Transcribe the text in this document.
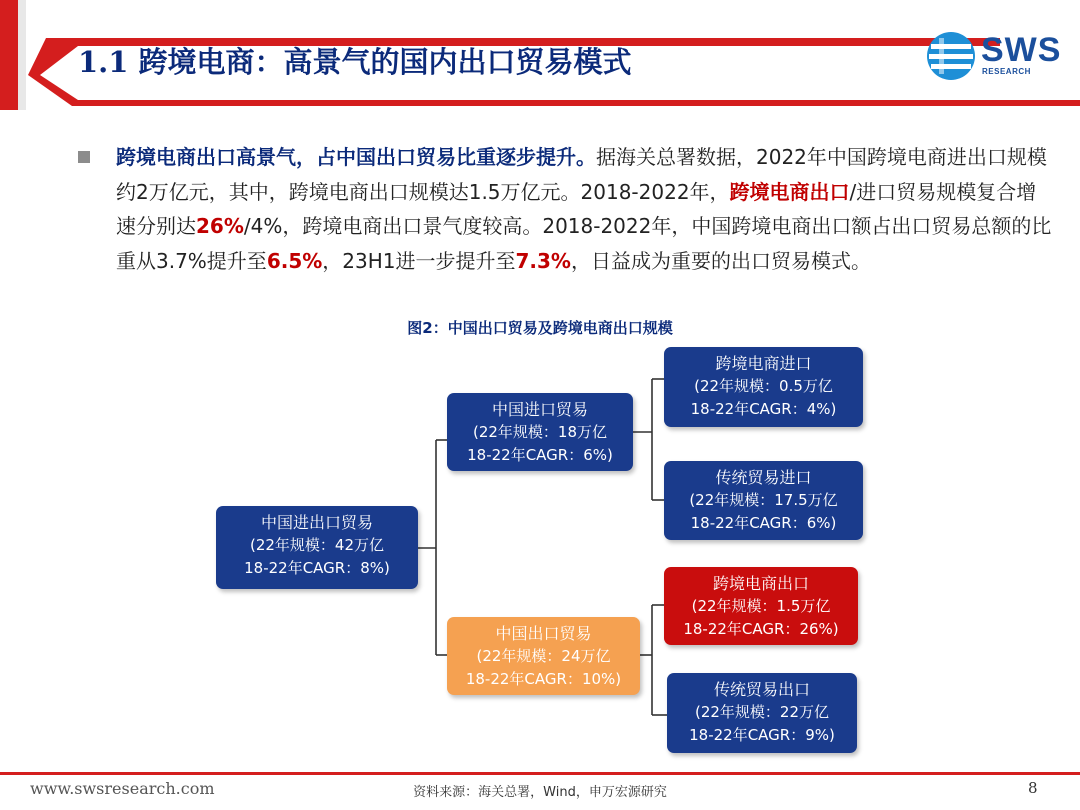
1.1 跨境电商：高景气的国内出口贸易模式	SWS
RESEARCH
跨境电商出口高景气，占中国出口贸易比重逐步提升。据海关总署数据，2022年中国跨境电商进出口规模约2万亿元，其中，跨境电商出口规模达1.5万亿元。2018-2022年，跨境电商出口/进口贸易规模复合增速分别达26%/4%，跨境电商出口景气度较高。2018-2022年，中国跨境电商出口额占出口贸易总额的比重从3.7%提升至6.5%，23H1进一步提升至7.3%，日益成为重要的出口贸易模式。
图2：中国出口贸易及跨境电商出口规模
中国进出口贸易
(22年规模：42万亿
18-22年CAGR：8%)
中国进口贸易
(22年规模：18万亿
18-22年CAGR：6%)
中国出口贸易
(22年规模：24万亿
18-22年CAGR：10%)
跨境电商进口
(22年规模：0.5万亿
18-22年CAGR：4%)
传统贸易进口
(22年规模：17.5万亿
18-22年CAGR：6%)
跨境电商出口
(22年规模：1.5万亿
18-22年CAGR：26%)
传统贸易出口
(22年规模：22万亿
18-22年CAGR：9%)
www.swsresearch.com	资料来源：海关总署，Wind，申万宏源研究	8
